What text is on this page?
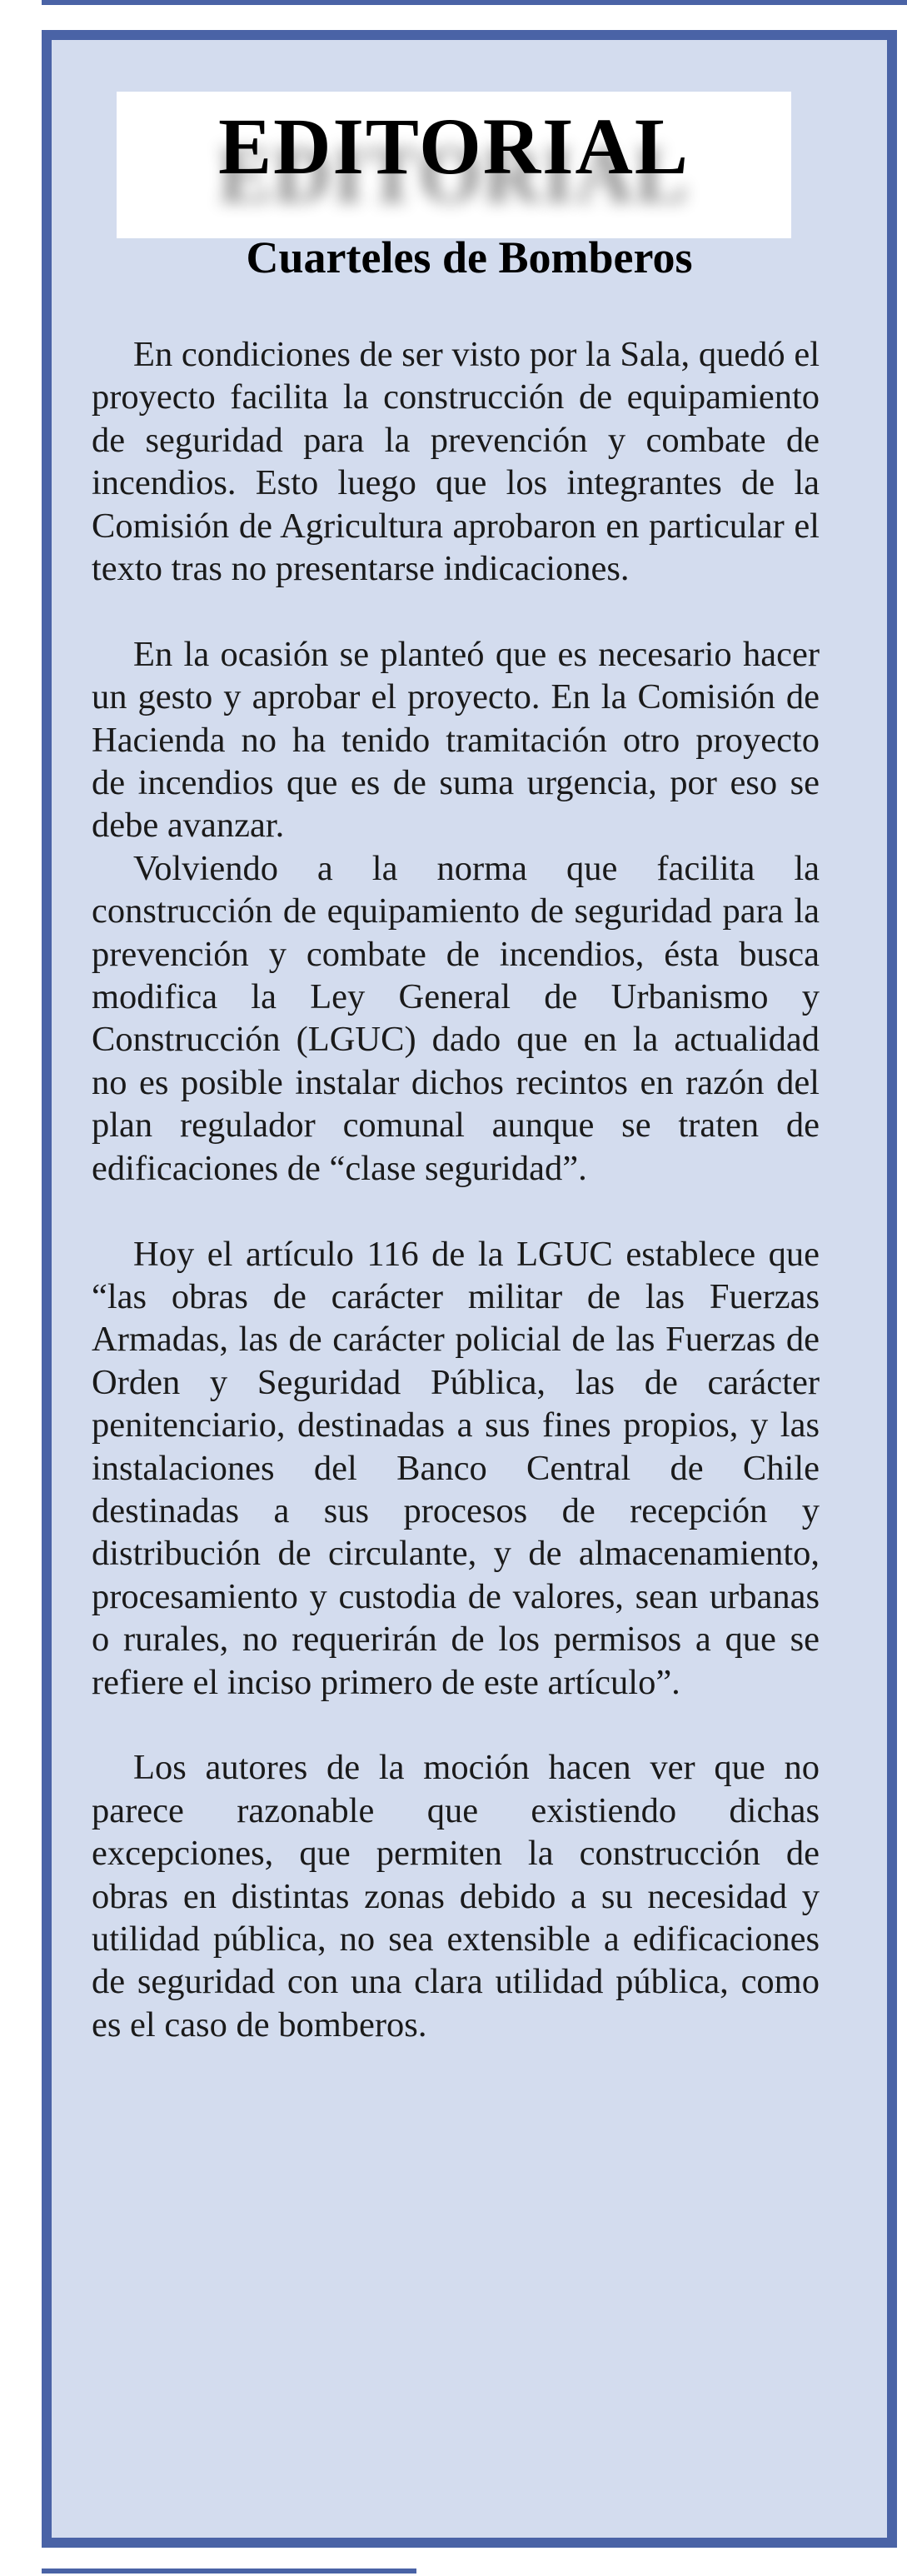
EDITORIAL
Cuarteles de Bomberos

En condiciones de ser visto por la Sala, quedó el proyecto facilita la construcción de equipamiento de seguridad para la prevención y combate de incendios. Esto luego que los integrantes de la Comisión de Agricultura aprobaron en particular el texto tras no presentarse indicaciones.

En la ocasión se planteó que es necesario hacer un gesto y aprobar el proyecto. En la Comisión de Hacienda no ha tenido tramitación otro proyecto de incendios que es de suma urgencia, por eso se debe avanzar.

Volviendo a la norma que facilita la construcción de equipamiento de seguridad para la prevención y combate de incendios, ésta busca modifica la Ley General de Urbanismo y Construcción (LGUC) dado que en la actualidad no es posible instalar dichos recintos en razón del plan regulador comunal aunque se traten de edificaciones de “clase seguridad”.

Hoy el artículo 116 de la LGUC establece que “las obras de carácter militar de las Fuerzas Armadas, las de carácter policial de las Fuerzas de Orden y Seguridad Pública, las de carácter penitenciario, destinadas a sus fines propios, y las instalaciones del Banco Central de Chile destinadas a sus procesos de recepción y distribución de circulante, y de almacenamiento, procesamiento y custodia de valores, sean urbanas o rurales, no requerirán de los permisos a que se refiere el inciso primero de este artículo”.

Los autores de la moción hacen ver que no parece razonable que existiendo dichas excepciones, que permiten la construcción de obras en distintas zonas debido a su necesidad y utilidad pública, no sea extensible a edificaciones de seguridad con una clara utilidad pública, como es el caso de bomberos.
